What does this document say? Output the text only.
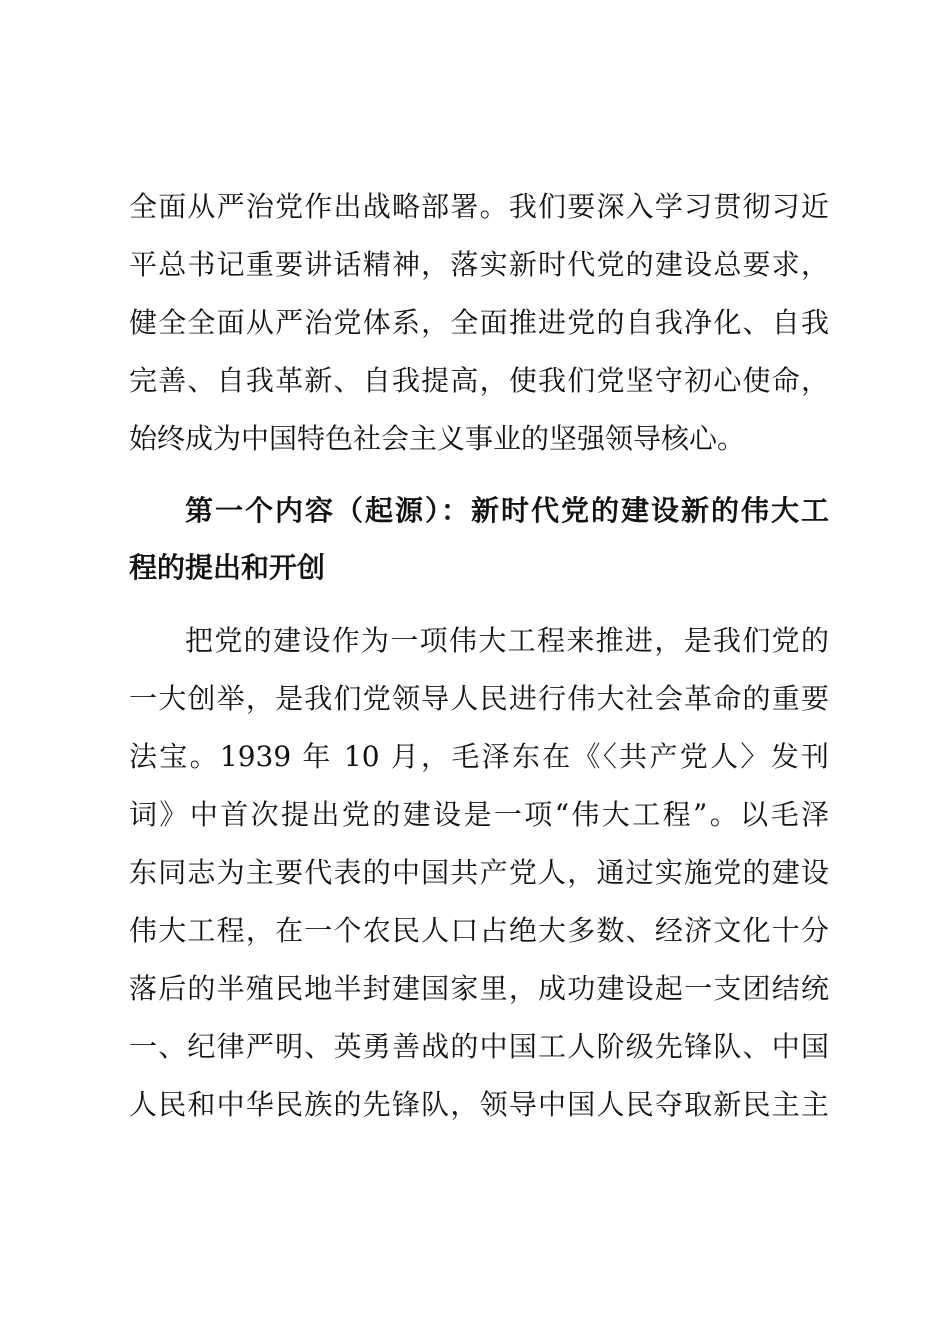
全面从严治党作出战略部署。我们要深入学习贯彻习近
平总书记重要讲话精神，落实新时代党的建设总要求，
健全全面从严治党体系，全面推进党的自我净化、自我
完善、自我革新、自我提高，使我们党坚守初心使命，
始终成为中国特色社会主义事业的坚强领导核心。
第一个内容（起源）：新时代党的建设新的伟大工
程的提出和开创
把党的建设作为一项伟大工程来推进，是我们党的
一大创举，是我们党领导人民进行伟大社会革命的重要
法宝。1939 年 10 月，毛泽东在《〈共产党人〉发刊
词》中首次提出党的建设是一项“伟大工程”。以毛泽
东同志为主要代表的中国共产党人，通过实施党的建设
伟大工程，在一个农民人口占绝大多数、经济文化十分
落后的半殖民地半封建国家里，成功建设起一支团结统
一、纪律严明、英勇善战的中国工人阶级先锋队、中国
人民和中华民族的先锋队，领导中国人民夺取新民主主
